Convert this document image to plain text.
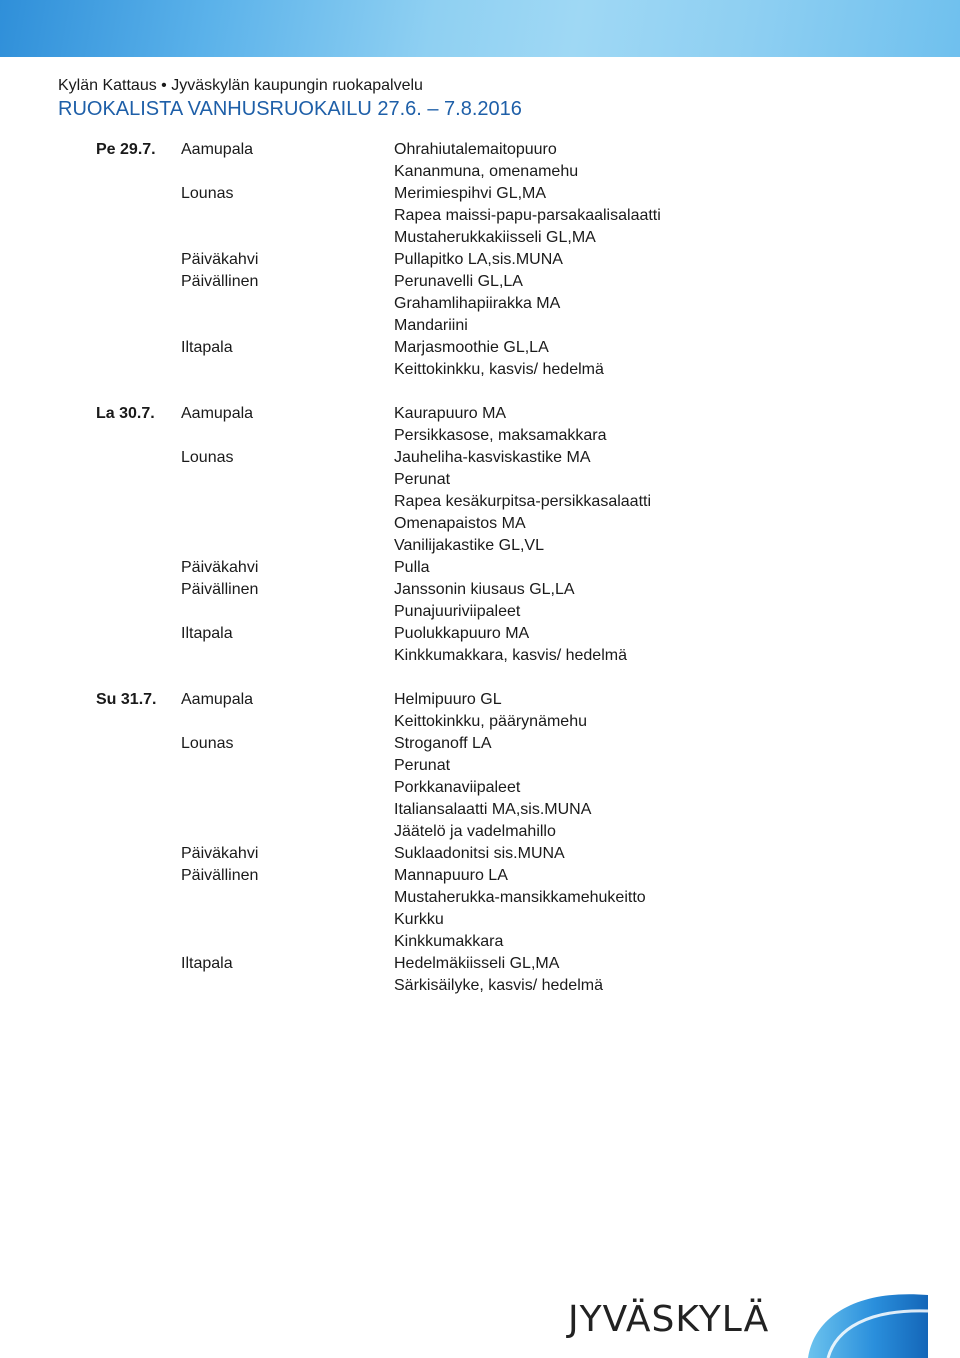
Kylän Kattaus • Jyväskylän kaupungin ruokapalvelu
RUOKALISTA VANHUSRUOKAILU 27.6. – 7.8.2016
Pe 29.7. Aamupala	Ohrahiutalemaitopuuro
Kananmuna, omenamehu
Lounas	Merimiespihvi GL,MA
Rapea maissi-papu-parsakaalisalaatti
Mustaherukkakiisseli GL,MA
Päiväkahvi	Pullapitko LA,sis.MUNA
Päivällinen	Perunavelli GL,LA
Grahamlihapiirakka MA
Mandariini
Iltapala	Marjasmoothie GL,LA
Keittokinkku, kasvis/ hedelmä
La 30.7. Aamupala	Kaurapuuro MA
Persikkasose, maksamakkara
Lounas	Jauheliha-kasviskastike MA
Perunat
Rapea kesäkurpitsa-persikkasalaatti
Omenapaistos MA
Vanilijakastike GL,VL
Päiväkahvi	Pulla
Päivällinen	Janssonin kiusaus GL,LA
Punajuuriviipaleet
Iltapala	Puolukkapuuro MA
Kinkkumakkara, kasvis/ hedelmä
Su 31.7. Aamupala	Helmipuuro GL
Keittokinkku, päärynämehu
Lounas	Stroganoff LA
Perunat
Porkkanaviipaleet
Italiansalaatti MA,sis.MUNA
Jäätelö ja vadelmahillo
Päiväkahvi	Suklaadonitsi sis.MUNA
Päivällinen	Mannapuuro LA
Mustaherukka-mansikkamehukeitto
Kurkku
Kinkkumakkara
Iltapala	Hedelmäkiisseli GL,MA
Särkisäilyke, kasvis/ hedelmä
JYVÄSKYLÄ
